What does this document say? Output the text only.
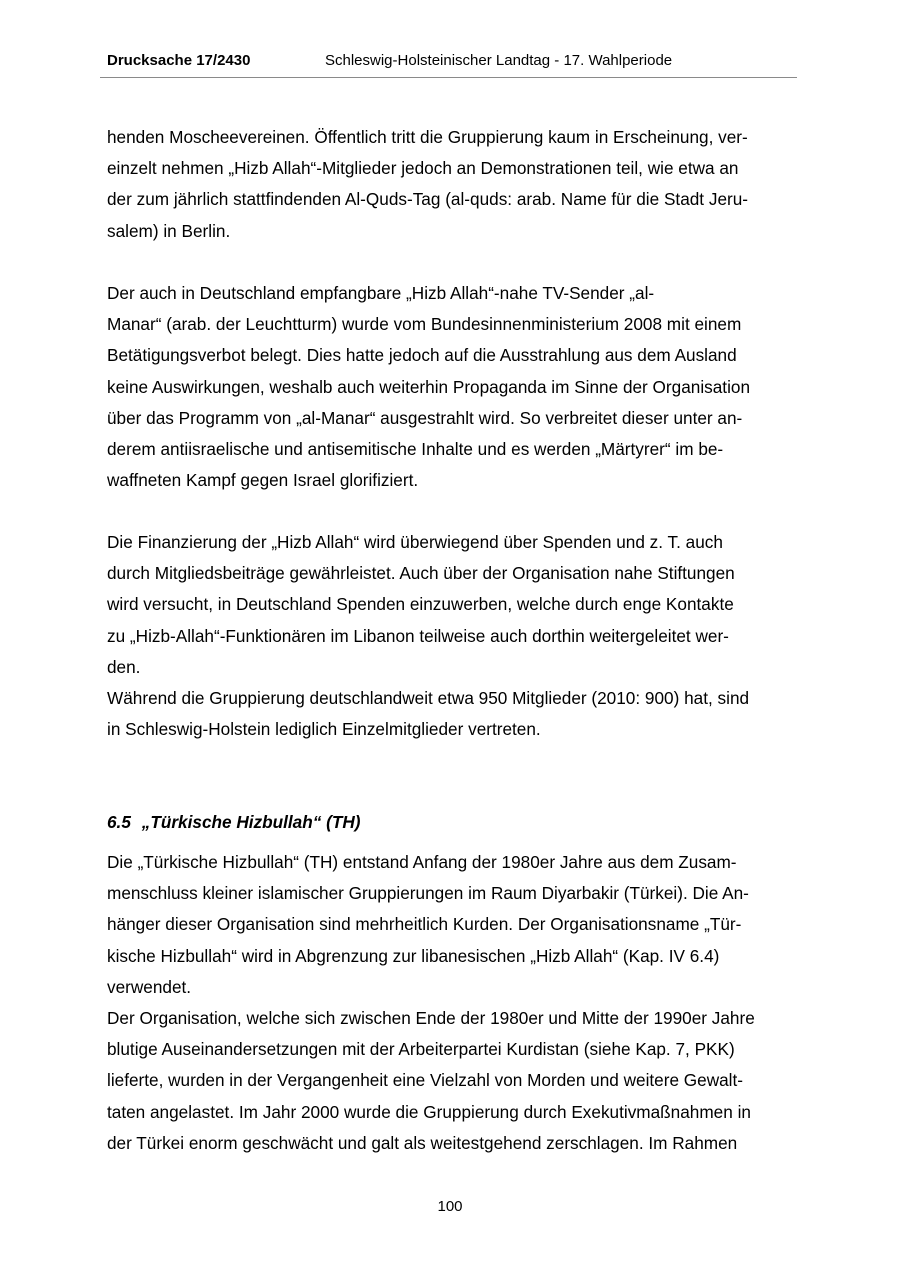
Drucksache 17/2430	Schleswig-Holsteinischer Landtag - 17. Wahlperiode

henden Moscheevereinen. Öffentlich tritt die Gruppierung kaum in Erscheinung, ver-
einzelt nehmen „Hizb Allah“-Mitglieder jedoch an Demonstrationen teil, wie etwa an
der zum jährlich stattfindenden Al-Quds-Tag (al-quds: arab. Name für die Stadt Jeru-
salem) in Berlin.

Der auch in Deutschland empfangbare „Hizb Allah“-nahe TV-Sender „al-
Manar“ (arab. der Leuchtturm) wurde vom Bundesinnenministerium 2008 mit einem
Betätigungsverbot belegt. Dies hatte jedoch auf die Ausstrahlung aus dem Ausland
keine Auswirkungen, weshalb auch weiterhin Propaganda im Sinne der Organisation
über das Programm von „al-Manar“ ausgestrahlt wird. So verbreitet dieser unter an-
derem antiisraelische und antisemitische Inhalte und es werden „Märtyrer“ im be-
waffneten Kampf gegen Israel glorifiziert.

Die Finanzierung der „Hizb Allah“ wird überwiegend über Spenden und z. T. auch
durch Mitgliedsbeiträge gewährleistet. Auch über der Organisation nahe Stiftungen
wird versucht, in Deutschland Spenden einzuwerben, welche durch enge Kontakte
zu „Hizb-Allah“-Funktionären im Libanon teilweise auch dorthin weitergeleitet wer-
den.
Während die Gruppierung deutschlandweit etwa 950 Mitglieder (2010: 900) hat, sind
in Schleswig-Holstein lediglich Einzelmitglieder vertreten.

6.5 „Türkische Hizbullah“ (TH)

Die „Türkische Hizbullah“ (TH) entstand Anfang der 1980er Jahre aus dem Zusam-
menschluss kleiner islamischer Gruppierungen im Raum Diyarbakir (Türkei). Die An-
hänger dieser Organisation sind mehrheitlich Kurden. Der Organisationsname „Tür-
kische Hizbullah“ wird in Abgrenzung zur libanesischen „Hizb Allah“ (Kap. IV 6.4)
verwendet.
Der Organisation, welche sich zwischen Ende der 1980er und Mitte der 1990er Jahre
blutige Auseinandersetzungen mit der Arbeiterpartei Kurdistan (siehe Kap. 7, PKK)
lieferte, wurden in der Vergangenheit eine Vielzahl von Morden und weitere Gewalt-
taten angelastet. Im Jahr 2000 wurde die Gruppierung durch Exekutivmaßnahmen in
der Türkei enorm geschwächt und galt als weitestgehend zerschlagen. Im Rahmen

100
